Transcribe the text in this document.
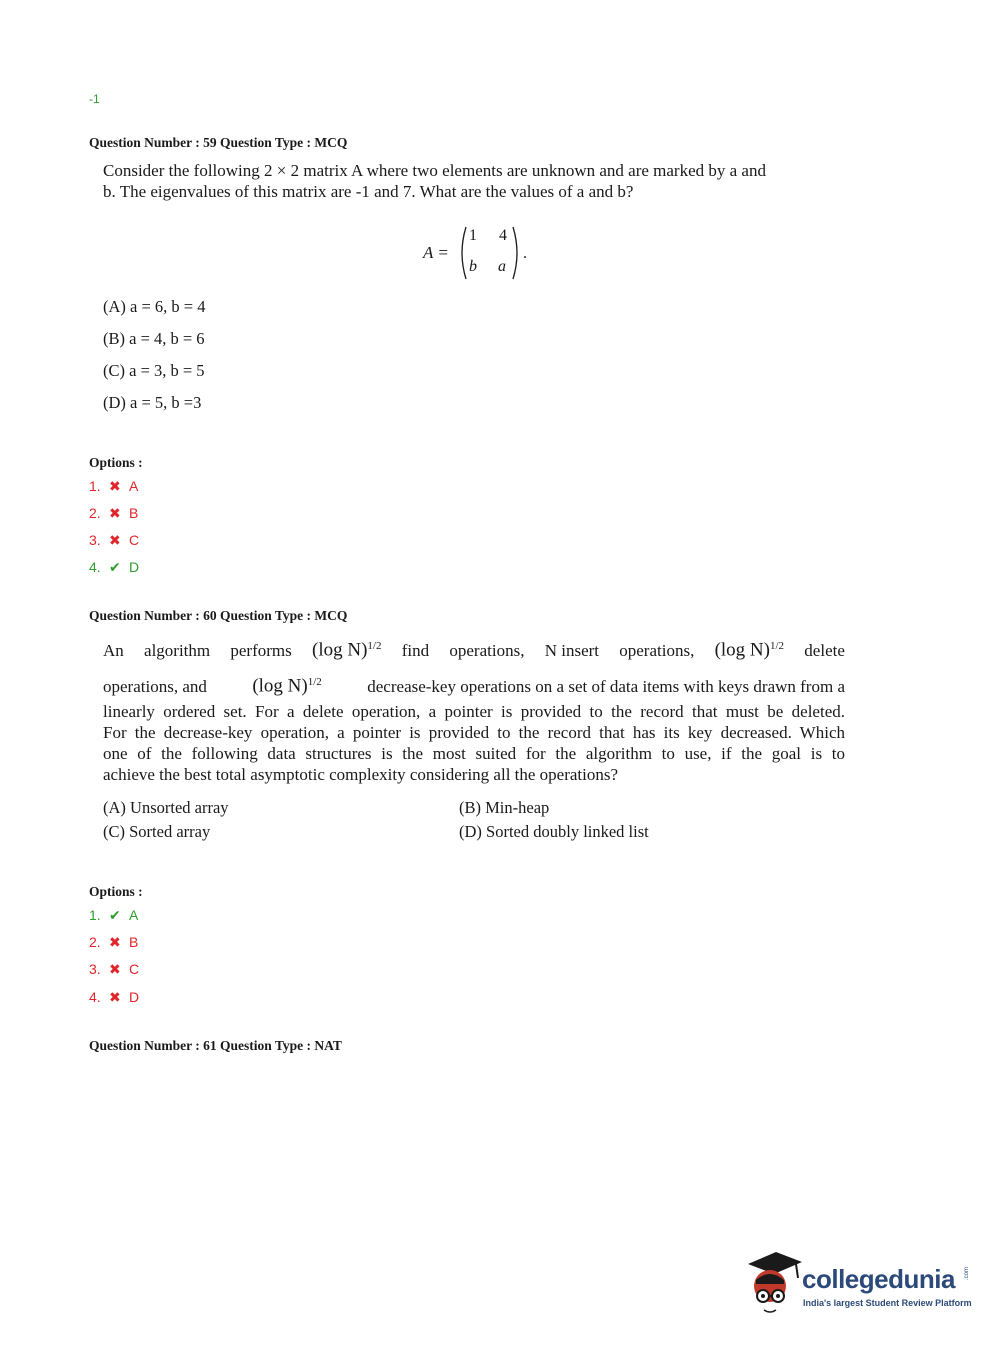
-1
Question Number : 59 Question Type : MCQ
Consider the following 2 × 2 matrix A where two elements are unknown and are marked by a and
b. The eigenvalues of this matrix are -1 and 7. What are the values of a and b?
A =
1 4
b a
.
(A) a = 6, b = 4
(B) a = 4, b = 6
(C) a = 3, b = 5
(D) a = 5, b =3
Options :
1. ✖ A
2. ✖ B
3. ✖ C
4. ✔ D
Question Number : 60 Question Type : MCQ
An algorithm performs (log N)$^{1/2}$ find operations, N insert operations, (log N)$^{1/2}$ delete
operations, and (log N)$^{1/2}$	decrease-key operations on a set of data items with keys drawn from a
linearly ordered set. For a delete operation, a pointer is provided to the record that must be deleted.
For the decrease-key operation, a pointer is provided to the record that has its key decreased. Which
one of the following data structures is the most suited for the algorithm to use, if the goal is to
achieve the best total asymptotic complexity considering all the operations?
(A) Unsorted array	(B) Min-heap
(C) Sorted array	(D) Sorted doubly linked list
Options :
1. ✔ A
2. ✖ B
3. ✖ C
4. ✖ D
Question Number : 61 Question Type : NAT
collegedunia .com
India's largest Student Review Platform
